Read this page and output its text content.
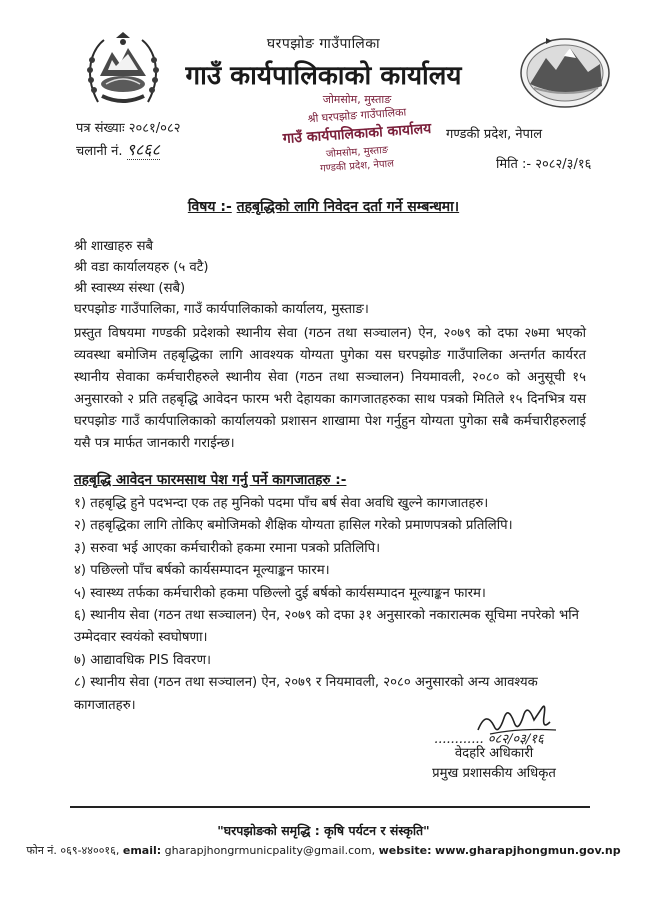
घरपझोङ गाउँपालिका
गाउँ कार्यपालिकाको कार्यालय
पत्र संख्याः २०८१/०८२
चलानी नं. ९८६८
जोमसोम, मुस्ताङ
श्री घरपझोङ गाउँपालिका
गाउँ कार्यपालिकाको कार्यालय
जोमसोम, मुस्ताङ
गण्डकी प्रदेश, नेपाल
गण्डकी प्रदेश, नेपाल
मिति :- २०८२/३/१६
विषय :- तहबृद्धिको लागि निवेदन दर्ता गर्ने सम्बन्धमा।
श्री शाखाहरु सबै
श्री वडा कार्यालयहरु (५ वटै)
श्री स्वास्थ्य संस्था (सबै)
घरपझोङ गाउँपालिका, गाउँ कार्यपालिकाको कार्यालय, मुस्ताङ।
प्रस्तुत विषयमा गण्डकी प्रदेशको स्थानीय सेवा (गठन तथा सञ्चालन) ऐन, २०७९ को दफा २७मा भएको व्यवस्था बमोजिम तहबृद्धिका लागि आवश्यक योग्यता पुगेका यस घरपझोङ गाउँपालिका अन्तर्गत कार्यरत स्थानीय सेवाका कर्मचारीहरुले स्थानीय सेवा (गठन तथा सञ्चालन) नियमावली, २०८० को अनुसूची १५ अनुसारको २ प्रति तहबृद्धि आवेदन फारम भरी देहायका कागजातहरुका साथ पत्रको मितिले १५ दिनभित्र यस घरपझोङ गाउँ कार्यपालिकाको कार्यालयको प्रशासन शाखामा पेश गर्नुहुन योग्यता पुगेका सबै कर्मचारीहरुलाई यसै पत्र मार्फत जानकारी गराईन्छ।
तहबृद्धि आवेदन फारमसाथ पेश गर्नु पर्ने कागजातहरु :-
१) तहबृद्धि हुने पदभन्दा एक तह मुनिको पदमा पाँच बर्ष सेवा अवधि खुल्ने कागजातहरु।
२) तहबृद्धिका लागि तोकिए बमोजिमको शैक्षिक योग्यता हासिल गरेको प्रमाणपत्रको प्रतिलिपि।
३) सरुवा भई आएका कर्मचारीको हकमा रमाना पत्रको प्रतिलिपि।
४) पछिल्लो पाँच बर्षको कार्यसम्पादन मूल्याङ्कन फारम।
५) स्वास्थ्य तर्फका कर्मचारीको हकमा पछिल्लो दुई बर्षको कार्यसम्पादन मूल्याङ्कन फारम।
६) स्थानीय सेवा (गठन तथा सञ्चालन) ऐन, २०७९ को दफा ३१ अनुसारको नकारात्मक सूचिमा नपरेको भनि उम्मेदवार स्वयंको स्वघोषणा।
७) आद्यावधिक PIS विवरण।
८) स्थानीय सेवा (गठन तथा सञ्चालन) ऐन, २०७९ र नियमावली, २०८० अनुसारको अन्य आवश्यक कागजातहरु।
............ ०८२/०३/१६
वेदहरि अधिकारी
प्रमुख प्रशासकीय अधिकृत
"घरपझोङको समृद्धि : कृषि पर्यटन र संस्कृति"
फोन नं. ०६९-४४००१६, email: gharapjhongrmunicpality@gmail.com, website: www.gharapjhongmun.gov.np
